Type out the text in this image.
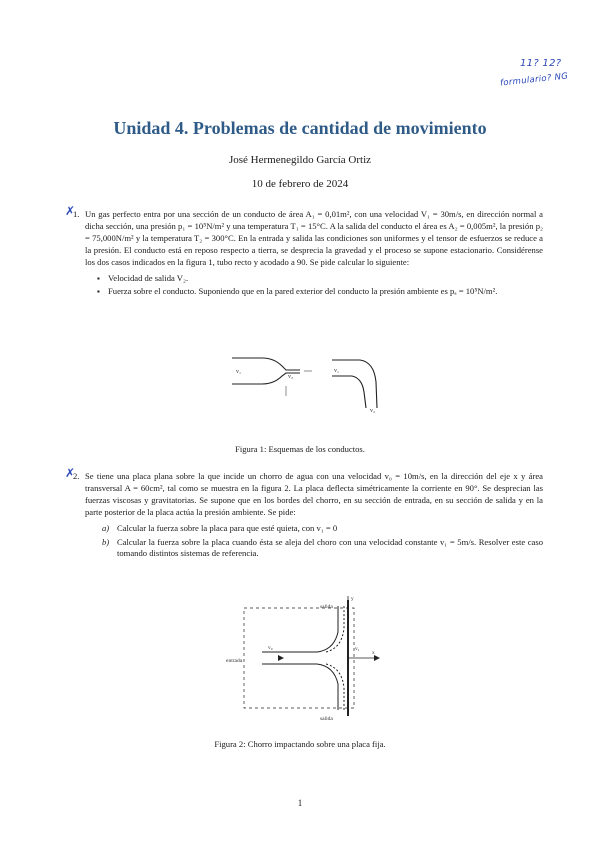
11? 12?
formulario? NG
Unidad 4. Problemas de cantidad de movimiento
José Hermenegildo García Ortiz
10 de febrero de 2024
✗
1. Un gas perfecto entra por una sección de un conducto de área A₁ = 0,01m², con una velocidad V₁ = 30m/s, en dirección normal a dicha sección, una presión p₁ = 10⁵N/m² y una temperatura T₁ = 15°C. A la salida del conducto el área es A₂ = 0,005m², la presión p₂ = 75,000N/m² y la temperatura T₂ = 300°C. En la entrada y salida las condiciones son uniformes y el tensor de esfuerzos se reduce a la presión. El conducto está en reposo respecto a tierra, se desprecia la gravedad y el proceso se supone estacionario. Considérense los dos casos indicados en la figura 1, tubo recto y acodado a 90. Se pide calcular lo siguiente:
▪ Velocidad de salida V₂.
▪ Fuerza sobre el conducto. Suponiendo que en la pared exterior del conducto la presión ambiente es pₐ = 10⁵N/m².
v₁
v₂
v₁
v₂
Figura 1: Esquemas de los conductos.
✗
2. Se tiene una placa plana sobre la que incide un chorro de agua con una velocidad v₀ = 10m/s, en la dirección del eje x y área transversal A = 60cm², tal como se muestra en la figura 2. La placa deflecta simétricamente la corriente en 90°. Se desprecian las fuerzas viscosas y gravitatorias. Se supone que en los bordes del chorro, en su sección de entrada, en su sección de salida y en la parte posterior de la placa actúa la presión ambiente. Se pide:
a) Calcular la fuerza sobre la placa para que esté quieta, con v₁ = 0
b) Calcular la fuerza sobre la placa cuando ésta se aleja del choro con una velocidad constante v₁ = 5m/s. Resolver este caso tomando distintos sistemas de referencia.
salida
entrada
salida
x
y
v₀	v₁
Figura 2: Chorro impactando sobre una placa fija.
1
